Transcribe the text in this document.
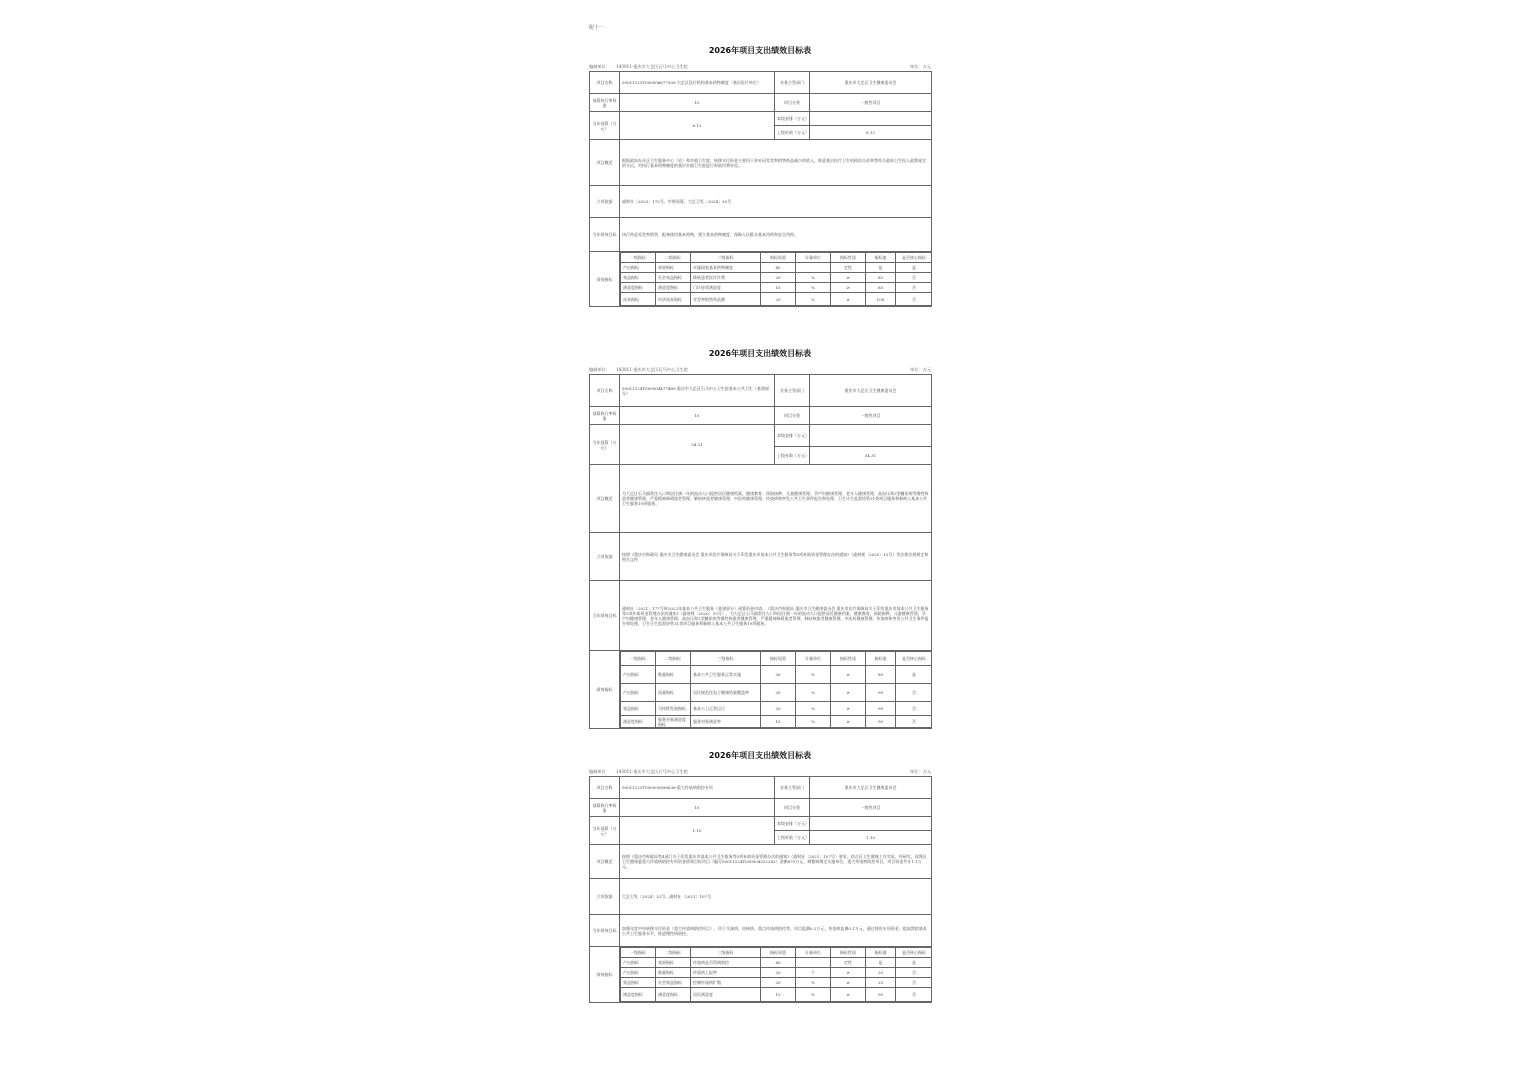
附十一
2026年项目支出绩效目标表
编制单位： 143011-重庆市大足区石马中心卫生院	单位：万元
项目名称	50011125T000006677939-大足区医疗机构基本药物制度（基层医疗单位）	业务主管部门	重庆市大足区卫生健康委员会
预算执行率权重	10	项目分类	一般性项目
当年预算（万元）	6.12	本级安排（万元）	
上级补助（万元）	6.12
项目概述	根据政府办社区卫生服务中心（站）和乡镇卫生院，转移支付资金主要用于弥补因零差率销售药品减少的收入，推进基层医疗卫生机构综合改革等符合政府卫生投入政策规定的支出，对执行基本药物制度的基层乡镇卫生院进行财政经费补偿。
立项依据	渝财社〔2023〕172号、市财预算、大足卫发〔2024〕35号
当年绩效目标	执行药品零差率销售，配备使用基本药物，建立基本药物制度，保障人民群众基本用药和安全用药。
绩效指标	
一级指标	二级指标	三级指标	指标权重	计量单位	指标性质	指标值	是否核心指标
产出指标	效果指标	实施国家基本药物制度	40		定性	是	是
效益指标	社会效益指标	降低患者医疗诊费	20	%	≥	85	否
满意度指标	满意度指标	门诊患者满意度	10	%	≥	85	否
成本指标	经济成本指标	零差率销售药品额	20	%	≥	100	否
2026年项目支出绩效目标表
编制单位： 143011-重庆市大足区石马中心卫生院	单位：万元
项目名称	50011124T000004477489-重庆市大足区石马中心卫生院基本公共卫生（基建部分）	业务主管部门	重庆市大足区卫生健康委员会
预算执行率权重	10	项目分类	一般性项目
当年预算（万元）	34.31	本级安排（万元）	
上级补助（万元）	34.31
项目概述	为大足区石马镇常住人口和居住满一年的流动人口提供居民健康档案、健康教育、预防接种、儿童健康管理、孕产妇健康管理、老年人健康管理、高血压和2型糖尿病等慢性病患者健康管理、严重精神障碍患者管理、肺结核患者健康管理、中医药健康管理、传染病和突发公共卫生事件报告和处理、卫生计生监督协管31类项目服务和新纳入基本公共卫生服务19项服务。
立项依据	按照《重庆市财政局 重庆市卫生健康委员会 重庆市医疗保障局关于印发重庆市基本公共卫生服务等5项补助资金管理办法的通知》（渝财规〔2020〕15号）等法律法规规定和相关文件
当年绩效目标	渝财社〔2021〕177号转2022年基本公共卫生服务（基建部分）预算资金申请。《重庆市财政局 重庆市卫生健康委员会 重庆市医疗保障局关于印发重庆市基本公共卫生服务等5项补助资金管理办法的通知》（渝财规〔2020〕15号），为大足区石马镇常住人口和居住满一年的流动人口提供居民健康档案、健康教育、预防接种、儿童健康管理、孕产妇健康管理、老年人健康管理、高血压和2型糖尿病等慢性病患者健康管理、严重精神障碍患者管理、肺结核患者健康管理、中医药健康管理、传染病和突发公共卫生事件报告和处理、卫生计生监督协管31类项目服务和新纳入基本公共卫生服务19项服务。
绩效指标	
一级指标	二级指标	三级指标	指标权重	计量单位	指标性质	指标值	是否核心指标
产出指标	数量指标	基本公共卫生服务正常实施	30	%	≥	80	是
产出指标	质量指标	居民规范化电子健康档案覆盖率	30	%	≥	90	否
效益指标	可持续发展指标	基本公卫正常运行	20	%	≥	90	否
满意度指标	服务对象满意度指标	服务对象满意率	10	%	≥	90	否
2026年项目支出绩效目标表
编制单位： 143011-重庆市大足区石马中心卫生院	单位：万元
项目名称	50011125T000005896836-重大传染病防控专项	业务主管部门	重庆市大足区卫生健康委员会
预算执行率权重	10	项目分类	一般性项目
当年预算（万元）	1.10	本级安排（万元）	
上级补助（万元）	1.10
项目概述	按照《重庆市财政局等4部门关于印发重庆市基本公共卫生服务等5项补助资金管理办法的通知》（渝财社〔2021〕107号）要求，结合区卫生健康工作实际，经研究，现将区卫生健康委重大传染病防控专项资金绩效目标项目（编号50011124T000004532243）金额870万元，调整调剂至实施单位，重大传染病防控项目，项目资金共计1.1万元。
立项依据	大足卫发〔2024〕32号、渝财社〔2021〕107号
当年绩效目标	加强年度中央转移支付资金（重大传染病防控项目），用于艾滋病、结核病、重点传染病防控等，项目监测0.2万元，传染病监测0.1万元，通过使用专项资金，提高我院基本公共卫生服务水平，推进慢性病防控。
绩效指标	
一级指标	二级指标	三级指标	指标权重	计量单位	指标性质	指标值	是否核心指标
产出指标	效果指标	传染病是否得到防控	40		定性	是	是
产出指标	数量指标	传染病上报率	20	个	≥	20	否
效益指标	社会效益指标	控制传染病扩散	20	%	≥	20	否
满意度指标	满意度指标	居民满意度	10	%	≥	90	否
